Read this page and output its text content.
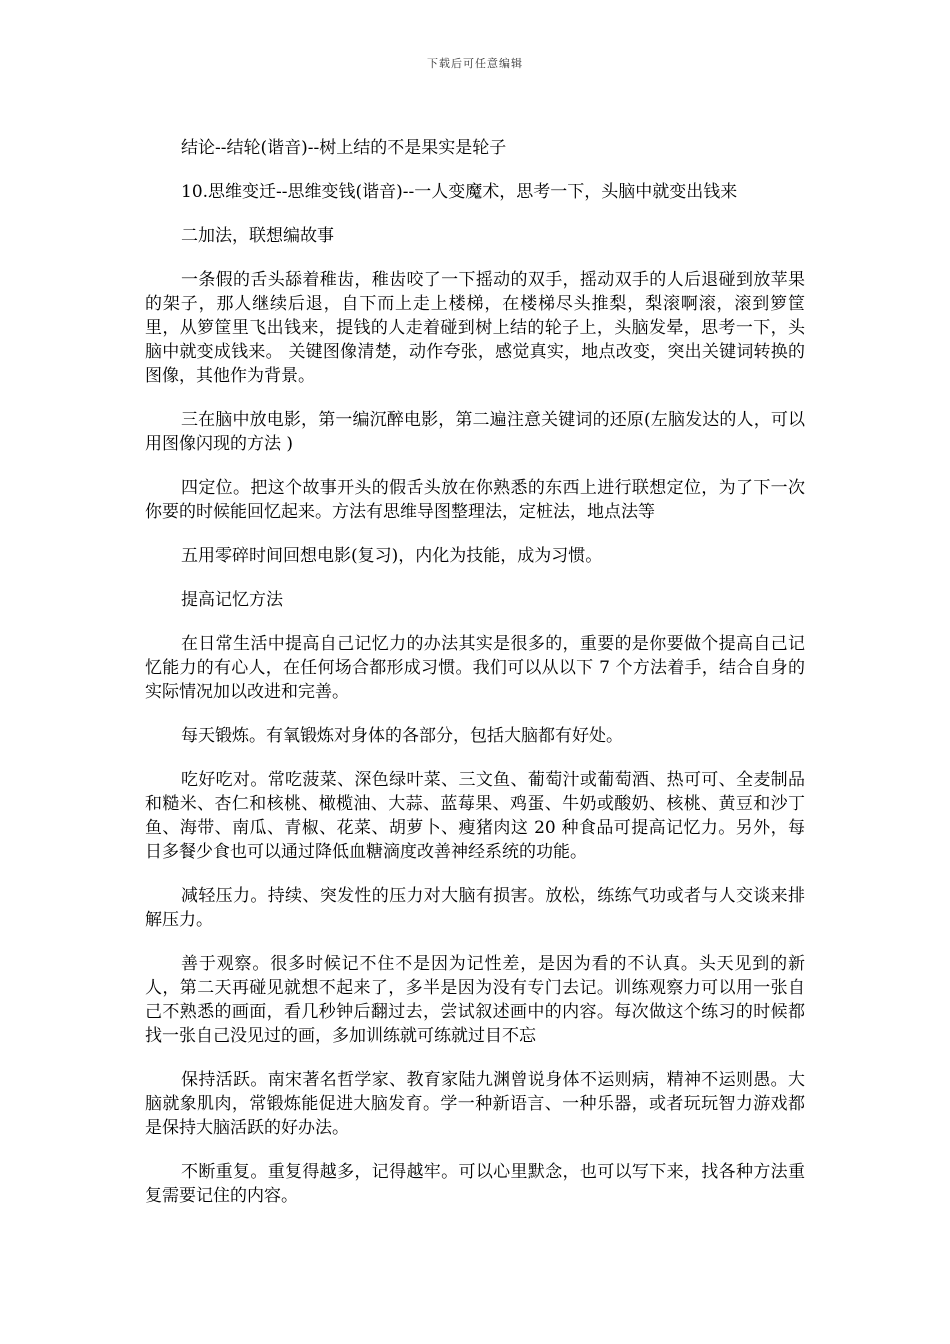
下载后可任意编辑

结论--结轮(谐音)--树上结的不是果实是轮子

10.思维变迁--思维变钱(谐音)--一人变魔术，思考一下，头脑中就变出钱来

二加法，联想编故事

一条假的舌头舔着稚齿，稚齿咬了一下摇动的双手，摇动双手的人后退碰到放苹果的架子，那人继续后退，自下而上走上楼梯，在楼梯尽头推梨，梨滚啊滚，滚到箩筐里，从箩筐里飞出钱来，提钱的人走着碰到树上结的轮子上，头脑发晕，思考一下，头脑中就变成钱来。 关键图像清楚，动作夸张，感觉真实，地点改变，突出关键词转换的图像，其他作为背景。

三在脑中放电影，第一编沉醉电影，第二遍注意关键词的还原(左脑发达的人，可以用图像闪现的方法 )

四定位。把这个故事开头的假舌头放在你熟悉的东西上进行联想定位，为了下一次你要的时候能回忆起来。方法有思维导图整理法，定桩法，地点法等

五用零碎时间回想电影(复习)，内化为技能，成为习惯。

提高记忆方法

在日常生活中提高自己记忆力的办法其实是很多的，重要的是你要做个提高自己记忆能力的有心人，在任何场合都形成习惯。我们可以从以下 7 个方法着手，结合自身的实际情况加以改进和完善。

每天锻炼。有氧锻炼对身体的各部分，包括大脑都有好处。

吃好吃对。常吃菠菜、深色绿叶菜、三文鱼、葡萄汁或葡萄酒、热可可、全麦制品和糙米、杏仁和核桃、橄榄油、大蒜、蓝莓果、鸡蛋、牛奶或酸奶、核桃、黄豆和沙丁鱼、海带、南瓜、青椒、花菜、胡萝卜、瘦猪肉这 20 种食品可提高记忆力。另外，每日多餐少食也可以通过降低血糖滴度改善神经系统的功能。

减轻压力。持续、突发性的压力对大脑有损害。放松，练练气功或者与人交谈来排解压力。

善于观察。很多时候记不住不是因为记性差，是因为看的不认真。头天见到的新人，第二天再碰见就想不起来了，多半是因为没有专门去记。训练观察力可以用一张自己不熟悉的画面，看几秒钟后翻过去，尝试叙述画中的内容。每次做这个练习的时候都找一张自己没见过的画，多加训练就可练就过目不忘

保持活跃。南宋著名哲学家、教育家陆九渊曾说身体不运则病，精神不运则愚。大脑就象肌肉，常锻炼能促进大脑发育。学一种新语言、一种乐器，或者玩玩智力游戏都是保持大脑活跃的好办法。

不断重复。重复得越多，记得越牢。可以心里默念，也可以写下来，找各种方法重复需要记住的内容。
